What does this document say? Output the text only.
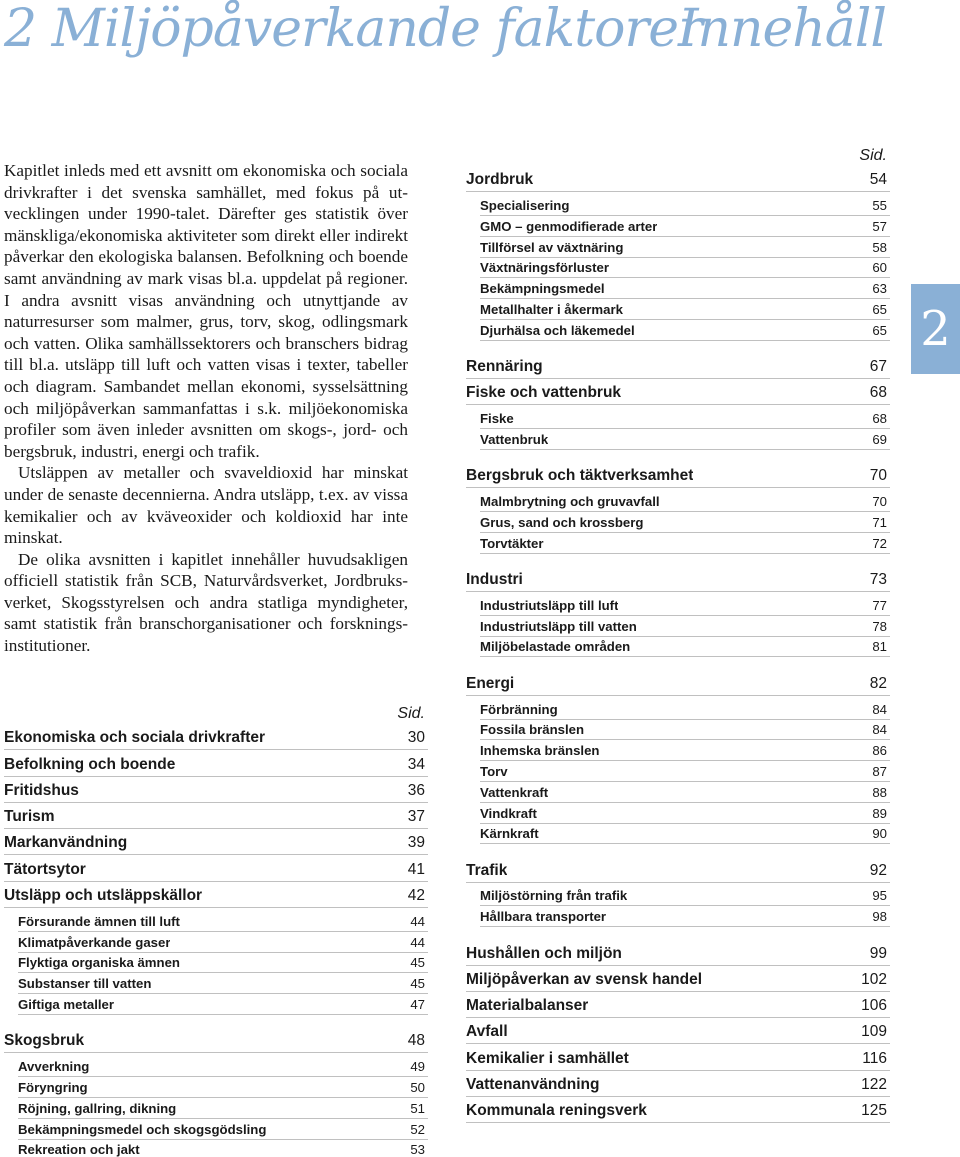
2 Miljöpåverkande faktorer
Innehåll

Kapitlet inleds med ett avsnitt om ekonomiska och sociala drivkrafter i det svenska samhället, med fokus på utvecklingen under 1990-talet. Därefter ges statistik över mänskliga/ekonomiska aktiviteter som direkt eller indirekt påverkar den ekologiska balansen. Befolkning och boende samt användning av mark visas bl.a. uppdelat på regioner. I andra avsnitt visas användning och utnyttjande av naturresurser som malmer, grus, torv, skog, odlingsmark och vatten. Olika samhällssektorers och branschers bidrag till bl.a. utsläpp till luft och vatten visas i texter, tabeller och diagram. Sambandet mellan ekonomi, sysselsättning och miljöpåverkan sammanfattas i s.k. miljöekonomiska profiler som även inleder avsnitten om skogs-, jord- och bergsbruk, industri, energi och trafik.

Utsläppen av metaller och svaveldioxid har minskat under de senaste decennierna. Andra utsläpp, t.ex. av vissa kemikalier och av kväveoxider och koldioxid har inte minskat.

De olika avsnitten i kapitlet innehåller huvudsakligen officiell statistik från SCB, Naturvårdsverket, Jordbruksverket, Skogsstyrelsen och andra statliga myndigheter, samt statistik från branschorganisationer och forskningsinstitutioner.

Sid.
Ekonomiska och sociala drivkrafter	30
Befolkning och boende	34
Fritidshus	36
Turism	37
Markanvändning	39
Tätortsytor	41
Utsläpp och utsläppskällor	42
Försurande ämnen till luft	44
Klimatpåverkande gaser	44
Flyktiga organiska ämnen	45
Substanser till vatten	45
Giftiga metaller	47
Skogsbruk	48
Avverkning	49
Föryngring	50
Röjning, gallring, dikning	51
Bekämpningsmedel och skogsgödsling	52
Rekreation och jakt	53
Sid.
Jordbruk	54
Specialisering	55
GMO – genmodifierade arter	57
Tillförsel av växtnäring	58
Växtnäringsförluster	60
Bekämpningsmedel	63
Metallhalter i åkermark	65
Djurhälsa och läkemedel	65
Rennäring	67
Fiske och vattenbruk	68
Fiske	68
Vattenbruk	69
Bergsbruk och täktverksamhet	70
Malmbrytning och gruvavfall	70
Grus, sand och krossberg	71
Torvtäkter	72
Industri	73
Industriutsläpp till luft	77
Industriutsläpp till vatten	78
Miljöbelastade områden	81
Energi	82
Förbränning	84
Fossila bränslen	84
Inhemska bränslen	86
Torv	87
Vattenkraft	88
Vindkraft	89
Kärnkraft	90
Trafik	92
Miljöstörning från trafik	95
Hållbara transporter	98
Hushållen och miljön	99
Miljöpåverkan av svensk handel	102
Materialbalanser	106
Avfall	109
Kemikalier i samhället	116
Vattenanvändning	122
Kommunala reningsverk	125
2
